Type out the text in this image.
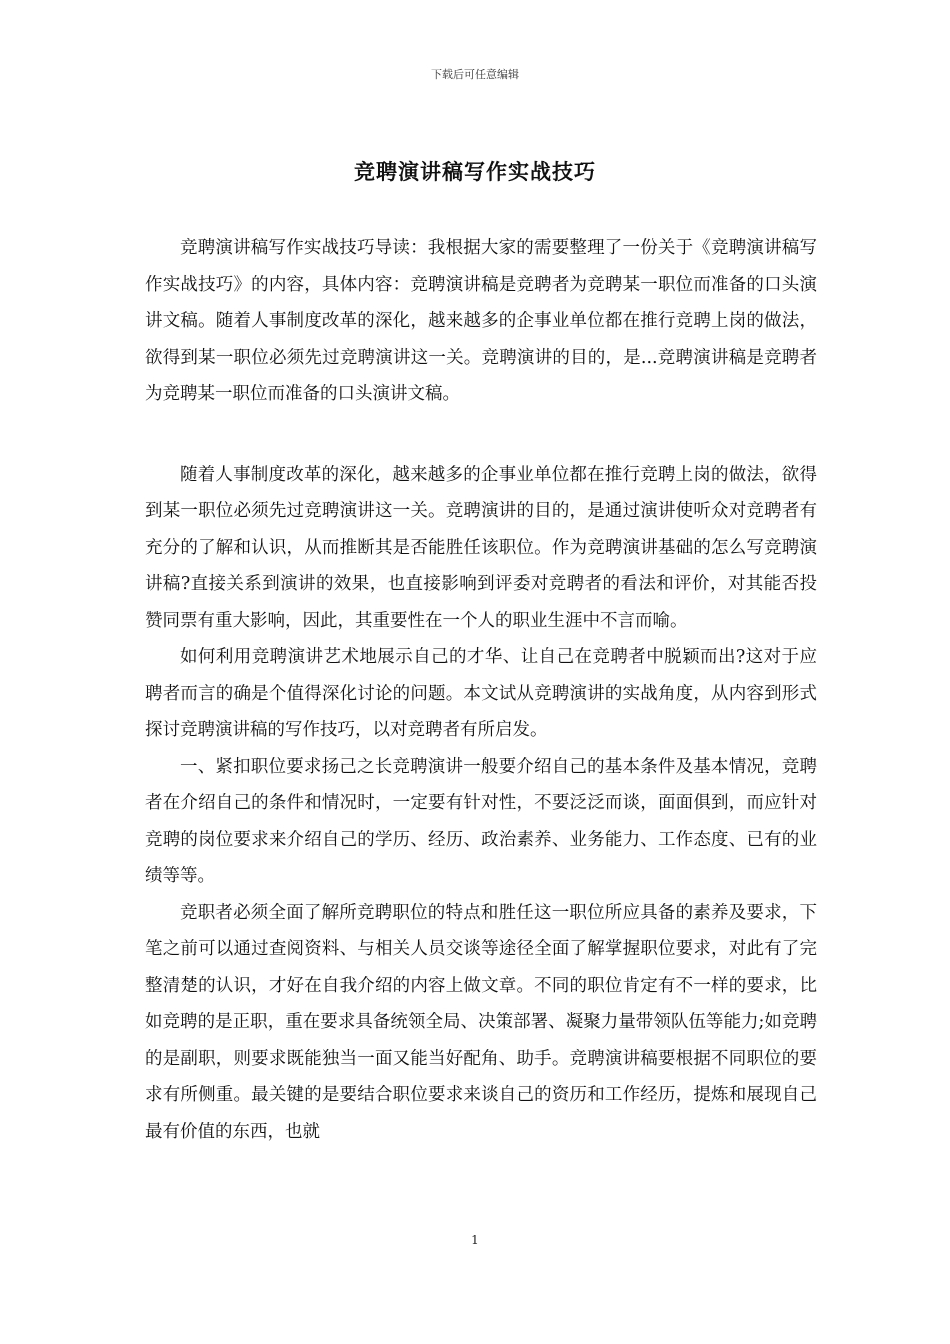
下载后可任意编辑
竞聘演讲稿写作实战技巧

竞聘演讲稿写作实战技巧导读：我根据大家的需要整理了一份关于《竞聘演讲稿写作实战技巧》的内容，具体内容：竞聘演讲稿是竞聘者为竞聘某一职位而准备的口头演讲文稿。随着人事制度改革的深化，越来越多的企事业单位都在推行竞聘上岗的做法，欲得到某一职位必须先过竞聘演讲这一关。竞聘演讲的目的，是...竞聘演讲稿是竞聘者为竞聘某一职位而准备的口头演讲文稿。

随着人事制度改革的深化，越来越多的企事业单位都在推行竞聘上岗的做法，欲得到某一职位必须先过竞聘演讲这一关。竞聘演讲的目的，是通过演讲使听众对竞聘者有充分的了解和认识，从而推断其是否能胜任该职位。作为竞聘演讲基础的怎么写竞聘演讲稿?直接关系到演讲的效果，也直接影响到评委对竞聘者的看法和评价，对其能否投赞同票有重大影响，因此，其重要性在一个人的职业生涯中不言而喻。

如何利用竞聘演讲艺术地展示自己的才华、让自己在竞聘者中脱颖而出?这对于应聘者而言的确是个值得深化讨论的问题。本文试从竞聘演讲的实战角度，从内容到形式探讨竞聘演讲稿的写作技巧，以对竞聘者有所启发。

一、紧扣职位要求扬己之长竞聘演讲一般要介绍自己的基本条件及基本情况，竞聘者在介绍自己的条件和情况时，一定要有针对性，不要泛泛而谈，面面俱到，而应针对竞聘的岗位要求来介绍自己的学历、经历、政治素养、业务能力、工作态度、已有的业绩等等。

竞职者必须全面了解所竞聘职位的特点和胜任这一职位所应具备的素养及要求，下笔之前可以通过查阅资料、与相关人员交谈等途径全面了解掌握职位要求，对此有了完整清楚的认识，才好在自我介绍的内容上做文章。不同的职位肯定有不一样的要求，比如竞聘的是正职，重在要求具备统领全局、决策部署、凝聚力量带领队伍等能力;如竞聘的是副职，则要求既能独当一面又能当好配角、助手。竞聘演讲稿要根据不同职位的要求有所侧重。最关键的是要结合职位要求来谈自己的资历和工作经历，提炼和展现自己最有价值的东西，也就

1
